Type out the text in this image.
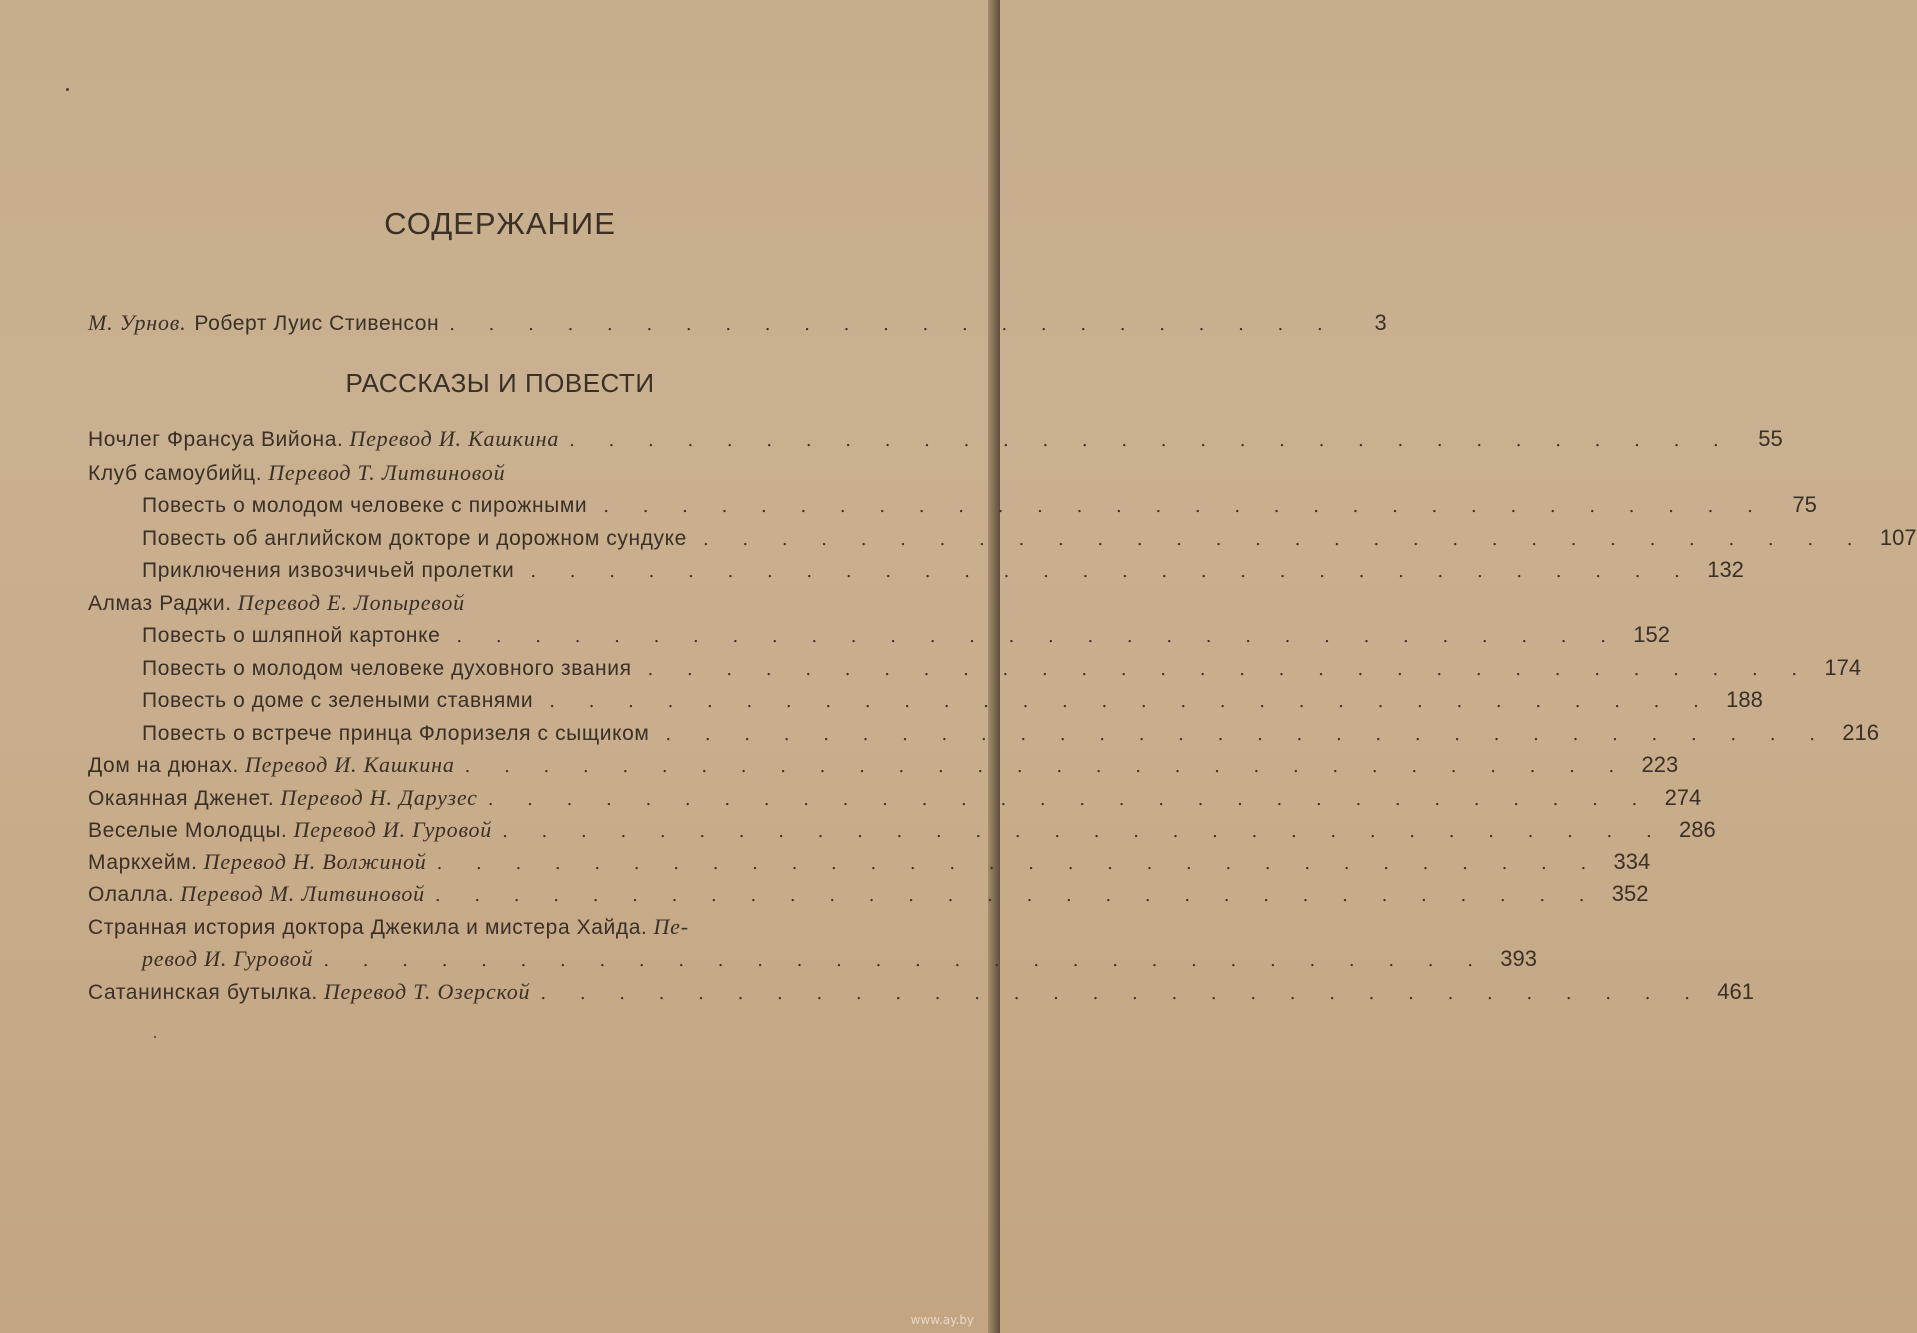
СОДЕРЖАНИЕ
М. Урнов. Роберт Луис Стивенсон . . . . . . . . . . . . . . . . . . . . . . .	3
РАССКАЗЫ И ПОВЕСТИ
Ночлег Франсуа Вийона. Перевод И. Кашкина . . . . . . . . . . . . . . . . . . . . . . . . . . . . . .	55
Клуб самоубийц. Перевод Т. Литвиновой
Повесть о молодом человеке с пирожными . . . . . . . . . . . . . . . . . . . . . . . . . . . . . .	75
Повесть об английском докторе и дорожном сундуке . . . . . . . . . . . . . . . . . . . . . . . . . . . . . . 107
Приключения извозчичьей пролетки . . . . . . . . . . . . . . . . . . . . . . . . . . . . . . 132
Алмаз Раджи. Перевод Е. Лопыревой
Повесть о шляпной картонке . . . . . . . . . . . . . . . . . . . . . . . . . . . . . . 152
Повесть о молодом человеке духовного звания . . . . . . . . . . . . . . . . . . . . . . . . . . . . . . 174
Повесть о доме с зелеными ставнями . . . . . . . . . . . . . . . . . . . . . . . . . . . . . . 188
Повесть о встрече принца Флоризеля с сыщиком . . . . . . . . . . . . . . . . . . . . . . . . . . . . . . 216
Дом на дюнах. Перевод И. Кашкина . . . . . . . . . . . . . . . . . . . . . . . . . . . . . . 223
Окаянная Дженет. Перевод Н. Дарузес . . . . . . . . . . . . . . . . . . . . . . . . . . . . . . 274
Веселые Молодцы. Перевод И. Гуровой . . . . . . . . . . . . . . . . . . . . . . . . . . . . . . 286
Маркхейм. Перевод Н. Волжиной . . . . . . . . . . . . . . . . . . . . . . . . . . . . . . 334
Олалла. Перевод М. Литвиновой . . . . . . . . . . . . . . . . . . . . . . . . . . . . . . 352
Странная история доктора Джекила и мистера Хайда. Пе-
ревод И. Гуровой . . . . . . . . . . . . . . . . . . . . . . . . . . . . . . 393
Сатанинская бутылка. Перевод Т. Озерской . . . . . . . . . . . . . . . . . . . . . . . . . . . . . . 461
www.ay.by
